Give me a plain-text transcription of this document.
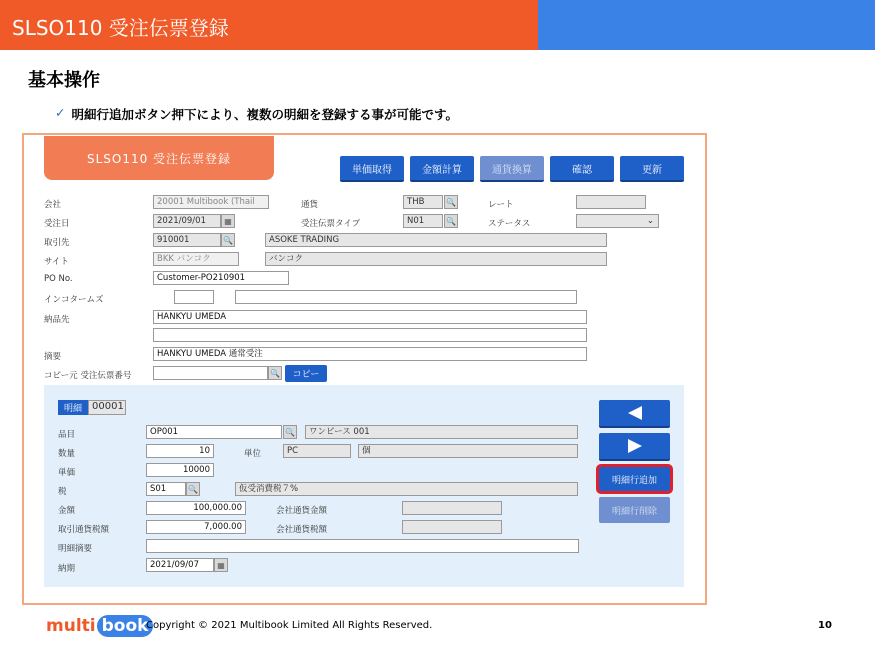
SLSO110 受注伝票登録
基本操作
✓ 明細行追加ボタン押下により、複数の明細を登録する事が可能です。
SLSO110 受注伝票登録
単価取得	金額計算	通貨換算	確認	更新
会社	20001 Multibook (Thail	通貨	THB	🔍	レート
受注日	2021/09/01	▦	受注伝票タイプ	N01	🔍	ステータス	⌄
取引先	910001	🔍	ASOKE TRADING
サイト	BKK バンコク	バンコク
PO No.	Customer-PO210901
インコタームズ
納品先	HANKYU UMEDA
摘要	HANKYU UMEDA 通常受注
コピー元 受注伝票番号	🔍	コピー
明細	00001
品目	OP001	🔍	ワンピース 001
数量	10	単位	PC	個
単価	10000
税	S01	🔍	仮受消費税７%
金額	100,000.00	会社通貨金額
取引通貨税額	7,000.00	会社通貨税額
明細摘要
納期	2021/09/07	▦
明細行追加
明細行削除
multi book
Copyright © 2021 Multibook Limited All Rights Reserved.	10
